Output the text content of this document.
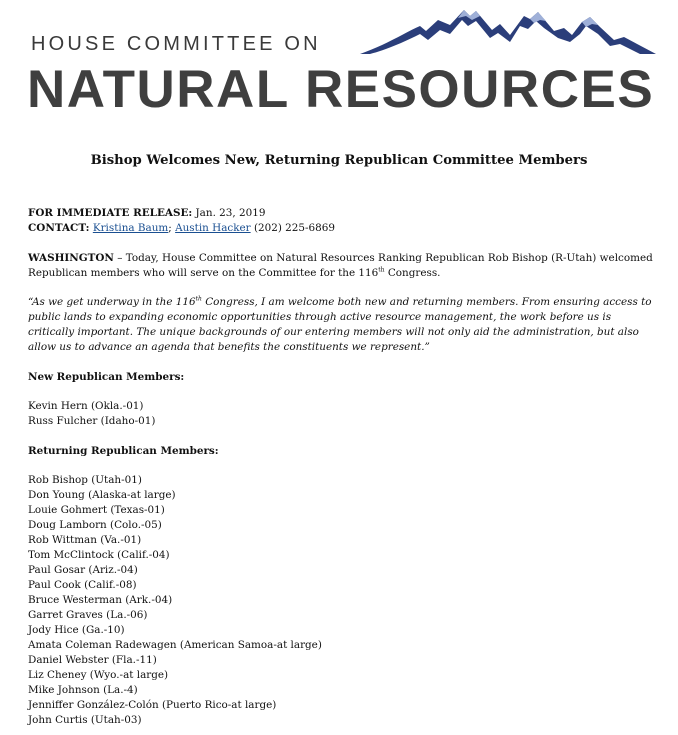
HOUSE COMMITTEE ON
NATURAL RESOURCES
Bishop Welcomes New, Returning Republican Committee Members

FOR IMMEDIATE RELEASE: Jan. 23, 2019

CONTACT: Kristina Baum; Austin Hacker (202) 225-6869

WASHINGTON – Today, House Committee on Natural Resources Ranking Republican Rob Bishop (R-Utah) welcomed Republican members who will serve on the Committee for the 116th Congress.

“As we get underway in the 116th Congress, I am welcome both new and returning members. From ensuring access to public lands to expanding economic opportunities through active resource management, the work before us is critically important. The unique backgrounds of our entering members will not only aid the administration, but also allow us to advance an agenda that benefits the constituents we represent.”

New Republican Members:

Kevin Hern (Okla.-01)
Russ Fulcher (Idaho-01)

Returning Republican Members:

Rob Bishop (Utah-01)
Don Young (Alaska-at large)
Louie Gohmert (Texas-01)
Doug Lamborn (Colo.-05)
Rob Wittman (Va.-01)
Tom McClintock (Calif.-04)
Paul Gosar (Ariz.-04)
Paul Cook (Calif.-08)
Bruce Westerman (Ark.-04)
Garret Graves (La.-06)
Jody Hice (Ga.-10)
Amata Coleman Radewagen (American Samoa-at large)
Daniel Webster (Fla.-11)
Liz Cheney (Wyo.-at large)
Mike Johnson (La.-4)
Jenniffer González-Colón (Puerto Rico-at large)
John Curtis (Utah-03)
